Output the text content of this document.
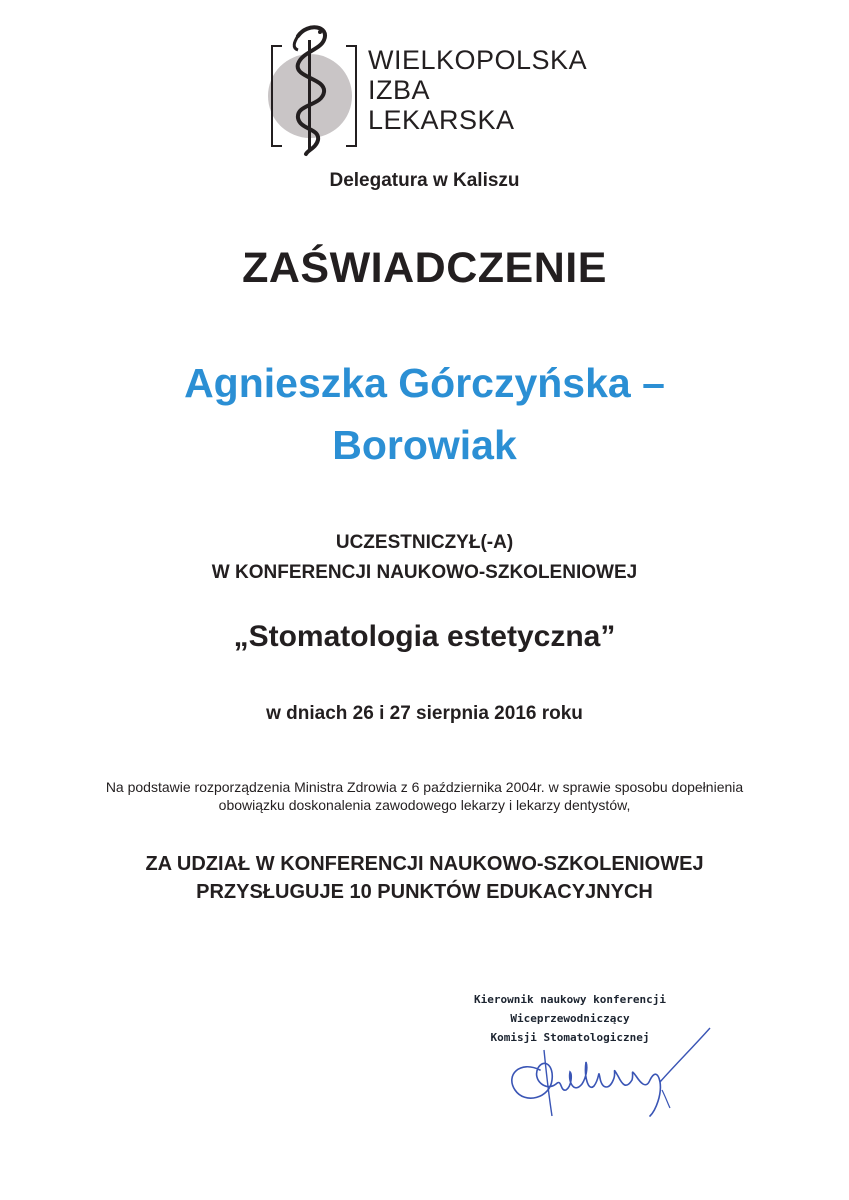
WIELKOPOLSKA
IZBA
LEKARSKA
Delegatura w Kaliszu
ZAŚWIADCZENIE
Agnieszka Górczyńska –
Borowiak
UCZESTNICZYŁ(-A)
W KONFERENCJI NAUKOWO-SZKOLENIOWEJ
„Stomatologia estetyczna”
w dniach 26 i 27 sierpnia 2016 roku
Na podstawie rozporządzenia Ministra Zdrowia z 6 października 2004r. w sprawie sposobu dopełnienia
obowiązku doskonalenia zawodowego lekarzy i lekarzy dentystów,
ZA UDZIAŁ W KONFERENCJI NAUKOWO-SZKOLENIOWEJ
PRZYSŁUGUJE 10 PUNKTÓW EDUKACYJNYCH
Kierownik naukowy konferencji
Wiceprzewodniczący
Komisji Stomatologicznej
